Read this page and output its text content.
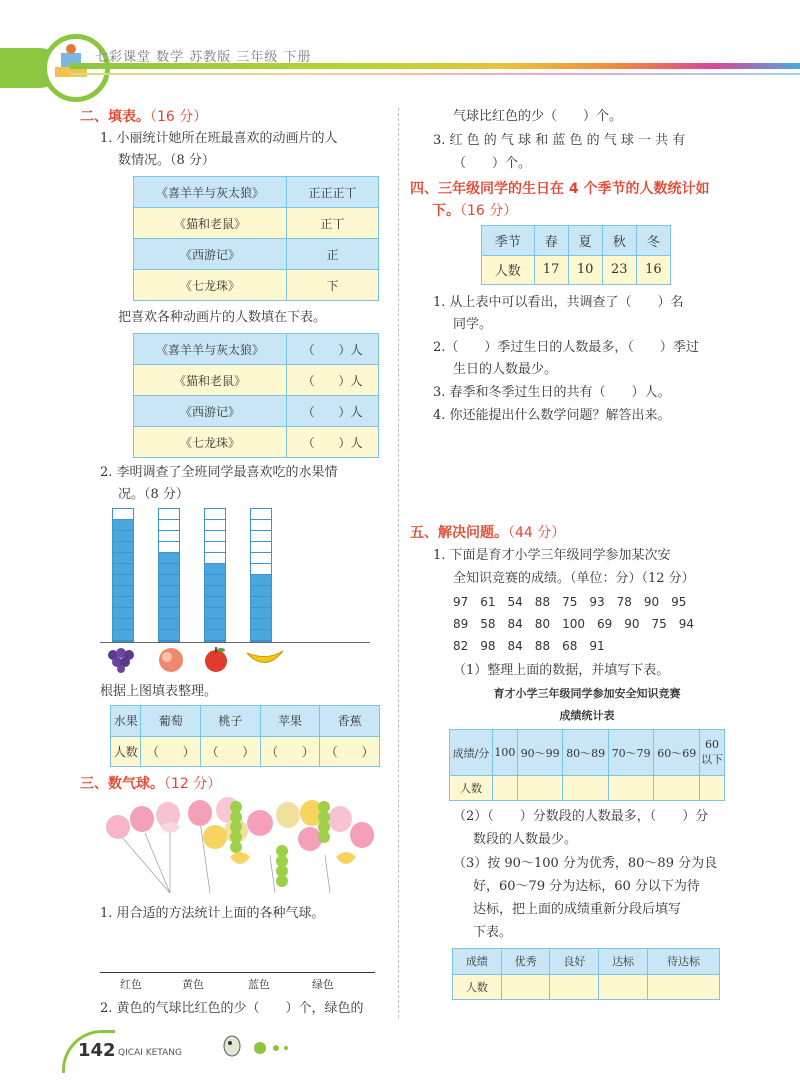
七彩课堂 数学 苏教版 三年级 下册
二、填表。（16 分）
1. 小丽统计她所在班最喜欢的动画片的人
数情况。（8 分）
《喜羊羊与灰太狼》	正正正丅
《猫和老鼠》	正丅
《西游记》	正
《七龙珠》	下
把喜欢各种动画片的人数填在下表。
《喜羊羊与灰太狼》	（　　）人
《猫和老鼠》	（　　）人
《西游记》	（　　）人
《七龙珠》	（　　）人
2. 李明调查了全班同学最喜欢吃的水果情
况。（8 分）
根据上图填表整理。
水果	葡萄	桃子	苹果	香蕉
人数	（　　）	（　　）	（　　）	（　　）
三、数气球。（12 分）
1. 用合适的方法统计上面的各种气球。
红色	黄色	蓝色	绿色
2. 黄色的气球比红色的少（　　）个，绿色的
气球比红色的少（　　）个。
3. 红 色 的 气 球 和 蓝 色 的 气 球 一 共 有
（　　）个。
四、三年级同学的生日在 4 个季节的人数统计如
下。（16 分）
季节	春	夏	秋	冬
人数	17	10	23	16
1. 从上表中可以看出，共调查了（　　）名
同学。
2.（　　）季过生日的人数最多，（　　）季过
生日的人数最少。
3. 春季和冬季过生日的共有（　　）人。
4. 你还能提出什么数学问题？解答出来。
五、解决问题。（44 分）
1. 下面是育才小学三年级同学参加某次安
全知识竞赛的成绩。（单位：分）（12 分）
97　61　54　88　75　93　78　90　95
89　58　84　80　100　69　90　75　94
82　98　84　88　68　91
（1）整理上面的数据，并填写下表。
育才小学三年级同学参加安全知识竞赛
成绩统计表
成绩/分	100	90～99	80～89	70～79	60～69	60以下
人数						
（2）（　　）分数段的人数最多，（　　）分
数段的人数最少。
（3）按 90～100 分为优秀，80～89 分为良
好，60～79 分为达标，60 分以下为待
达标，把上面的成绩重新分段后填写
下表。
成绩	优秀	良好	达标	待达标
人数				
142 QICAI KETANG
